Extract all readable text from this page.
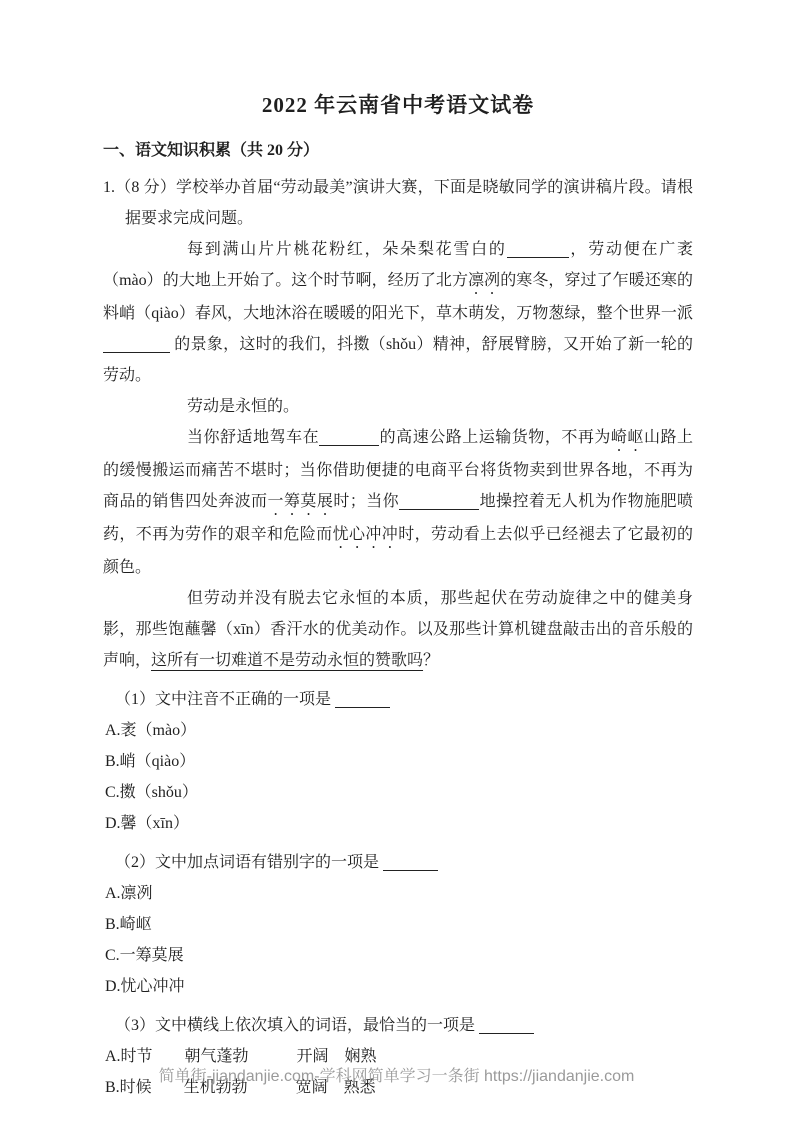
2022 年云南省中考语文试卷
一、语文知识积累（共 20 分）

1.（8 分）学校举办首届“劳动最美”演讲大赛，下面是晓敏同学的演讲稿片段。请根据要求完成问题。

每到满山片片桃花粉红，朵朵梨花雪白的	，劳动便在广袤（mào）的大地上开始了。这个时节啊，经历了北方凛冽的寒冬，穿过了乍暖还寒的料峭（qiào）春风，大地沐浴在暖暖的阳光下，草木萌发，万物葱绿，整个世界一派 的景象，这时的我们，抖擞（shǒu）精神，舒展臂膀，又开始了新一轮的劳动。

劳动是永恒的。

当你舒适地驾车在	的高速公路上运输货物，不再为崎岖山路上的缓慢搬运而痛苦不堪时；当你借助便捷的电商平台将货物卖到世界各地，不再为商品的销售四处奔波而一筹莫展时；当你	地操控着无人机为作物施肥喷药，不再为劳作的艰辛和危险而忧心冲冲时，劳动看上去似乎已经褪去了它最初的颜色。

但劳动并没有脱去它永恒的本质，那些起伏在劳动旋律之中的健美身影，那些饱蘸馨（xīn）香汗水的优美动作。以及那些计算机键盘敲击出的音乐般的声响，这所有一切难道不是劳动永恒的赞歌吗？

（1）文中注音不正确的一项是

A.袤（mào）

B.峭（qiào）

C.擞（shǒu）

D.馨（xīn）

（2）文中加点词语有错别字的一项是

A.凛冽

B.崎岖

C.一筹莫展

D.忧心冲冲

（3）文中横线上依次填入的词语，最恰当的一项是

A.时节　　朝气蓬勃　　　开阔　娴熟

B.时候　　生机勃勃　　　宽阔　熟悉

简单街-jiandanjie.com-学科网简单学习一条街 https://jiandanjie.com
